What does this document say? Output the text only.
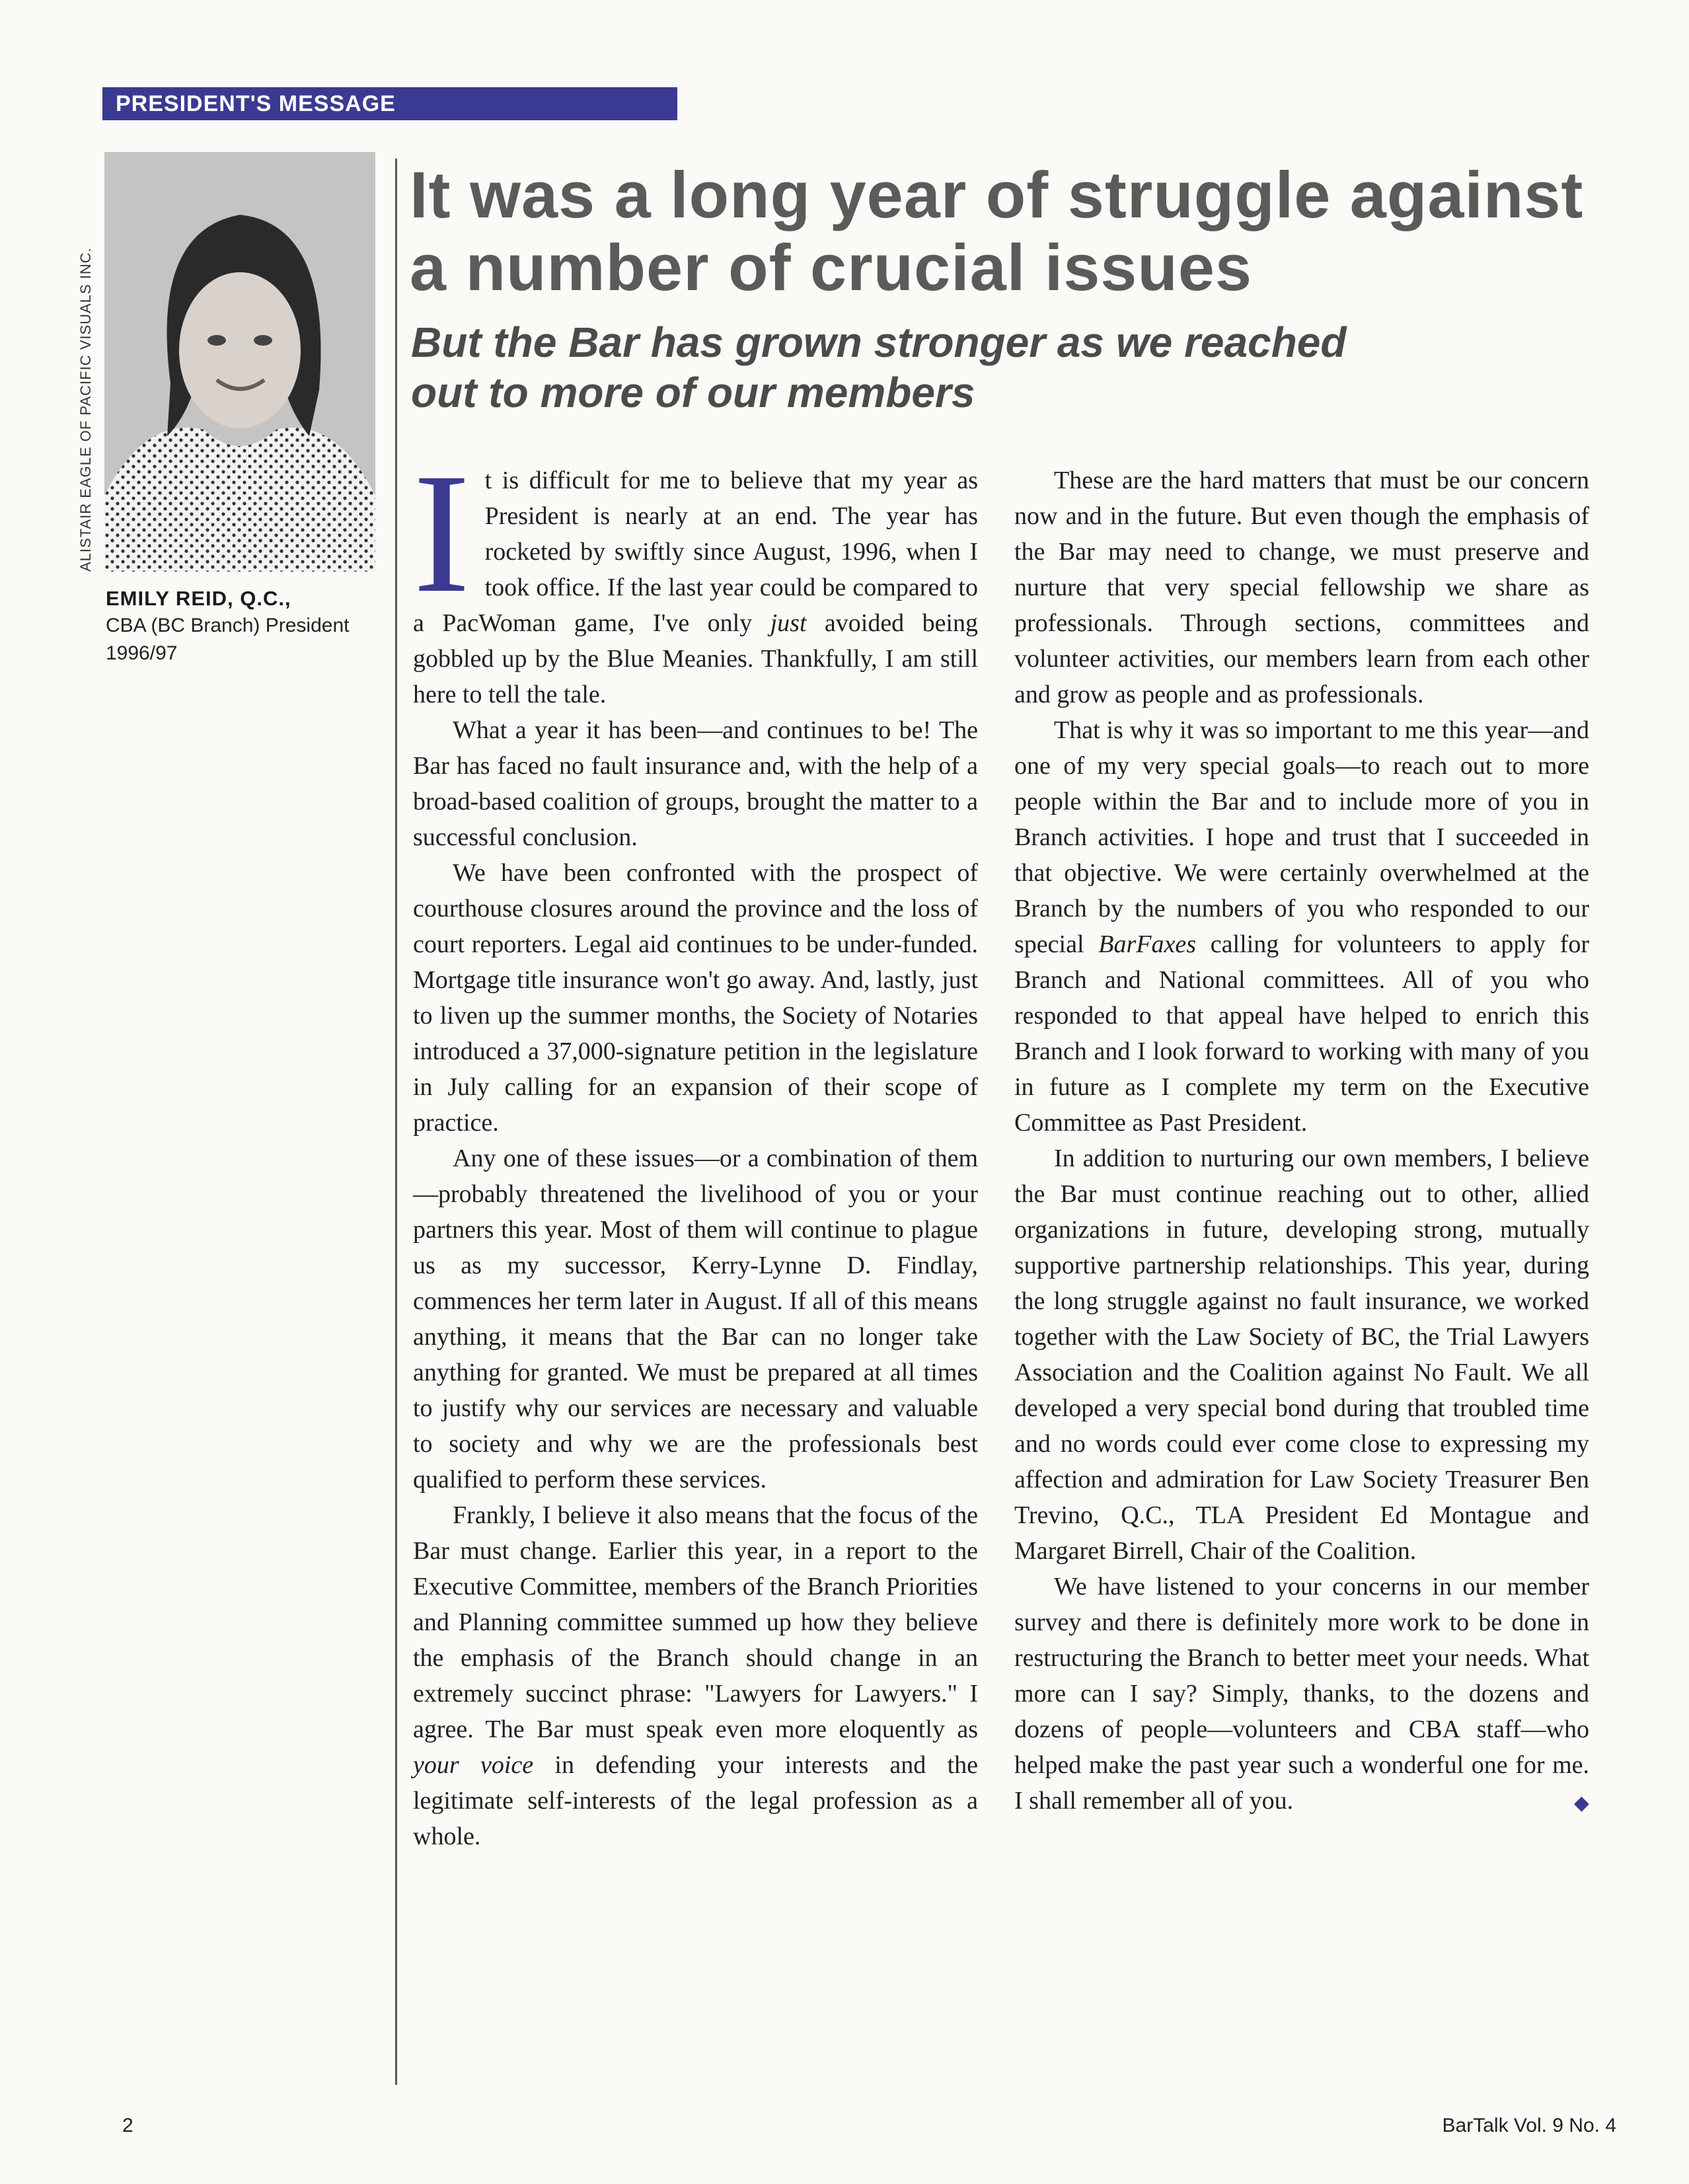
PRESIDENT'S MESSAGE
ALISTAIR EAGLE OF PACIFIC VISUALS INC.
EMILY REID, Q.C.,
CBA (BC Branch) President
1996/97
It was a long year of struggle against
a number of crucial issues
But the Bar has grown stronger as we reached
out to more of our members

It is difficult for me to believe that my year as President is nearly at an end. The year has rocketed by swiftly since August, 1996, when I took office. If the last year could be compared to a PacWoman game, I've only just avoided being gobbled up by the Blue Meanies. Thankfully, I am still here to tell the tale.

What a year it has been—and continues to be! The Bar has faced no fault insurance and, with the help of a broad-based coalition of groups, brought the matter to a successful conclusion.

We have been confronted with the prospect of courthouse closures around the province and the loss of court reporters. Legal aid continues to be under-funded. Mortgage title insurance won't go away. And, lastly, just to liven up the summer months, the Society of Notaries introduced a 37,000-signature petition in the legislature in July calling for an expansion of their scope of practice.

Any one of these issues—or a combination of them—probably threatened the livelihood of you or your partners this year. Most of them will continue to plague us as my successor, Kerry-Lynne D. Findlay, commences her term later in August. If all of this means anything, it means that the Bar can no longer take anything for granted. We must be prepared at all times to justify why our services are necessary and valuable to society and why we are the professionals best qualified to perform these services.

Frankly, I believe it also means that the focus of the Bar must change. Earlier this year, in a report to the Executive Committee, members of the Branch Priorities and Planning committee summed up how they believe the emphasis of the Branch should change in an extremely succinct phrase: "Lawyers for Lawyers." I agree. The Bar must speak even more eloquently as your voice in defending your interests and the legitimate self-interests of the legal profession as a whole.

These are the hard matters that must be our concern now and in the future. But even though the emphasis of the Bar may need to change, we must preserve and nurture that very special fellowship we share as professionals. Through sections, committees and volunteer activities, our members learn from each other and grow as people and as professionals.

That is why it was so important to me this year—and one of my very special goals—to reach out to more people within the Bar and to include more of you in Branch activities. I hope and trust that I succeeded in that objective. We were certainly overwhelmed at the Branch by the numbers of you who responded to our special BarFaxes calling for volunteers to apply for Branch and National committees. All of you who responded to that appeal have helped to enrich this Branch and I look forward to working with many of you in future as I complete my term on the Executive Committee as Past President.

In addition to nurturing our own members, I believe the Bar must continue reaching out to other, allied organizations in future, developing strong, mutually supportive partnership relationships. This year, during the long struggle against no fault insurance, we worked together with the Law Society of BC, the Trial Lawyers Association and the Coalition against No Fault. We all developed a very special bond during that troubled time and no words could ever come close to expressing my affection and admiration for Law Society Treasurer Ben Trevino, Q.C., TLA President Ed Montague and Margaret Birrell, Chair of the Coalition.

We have listened to your concerns in our member survey and there is definitely more work to be done in restructuring the Branch to better meet your needs. What more can I say? Simply, thanks, to the dozens and dozens of people—volunteers and CBA staff—who helped make the past year such a wonderful one for me. I shall remember all of you.	◆

2	BarTalk Vol. 9 No. 4
